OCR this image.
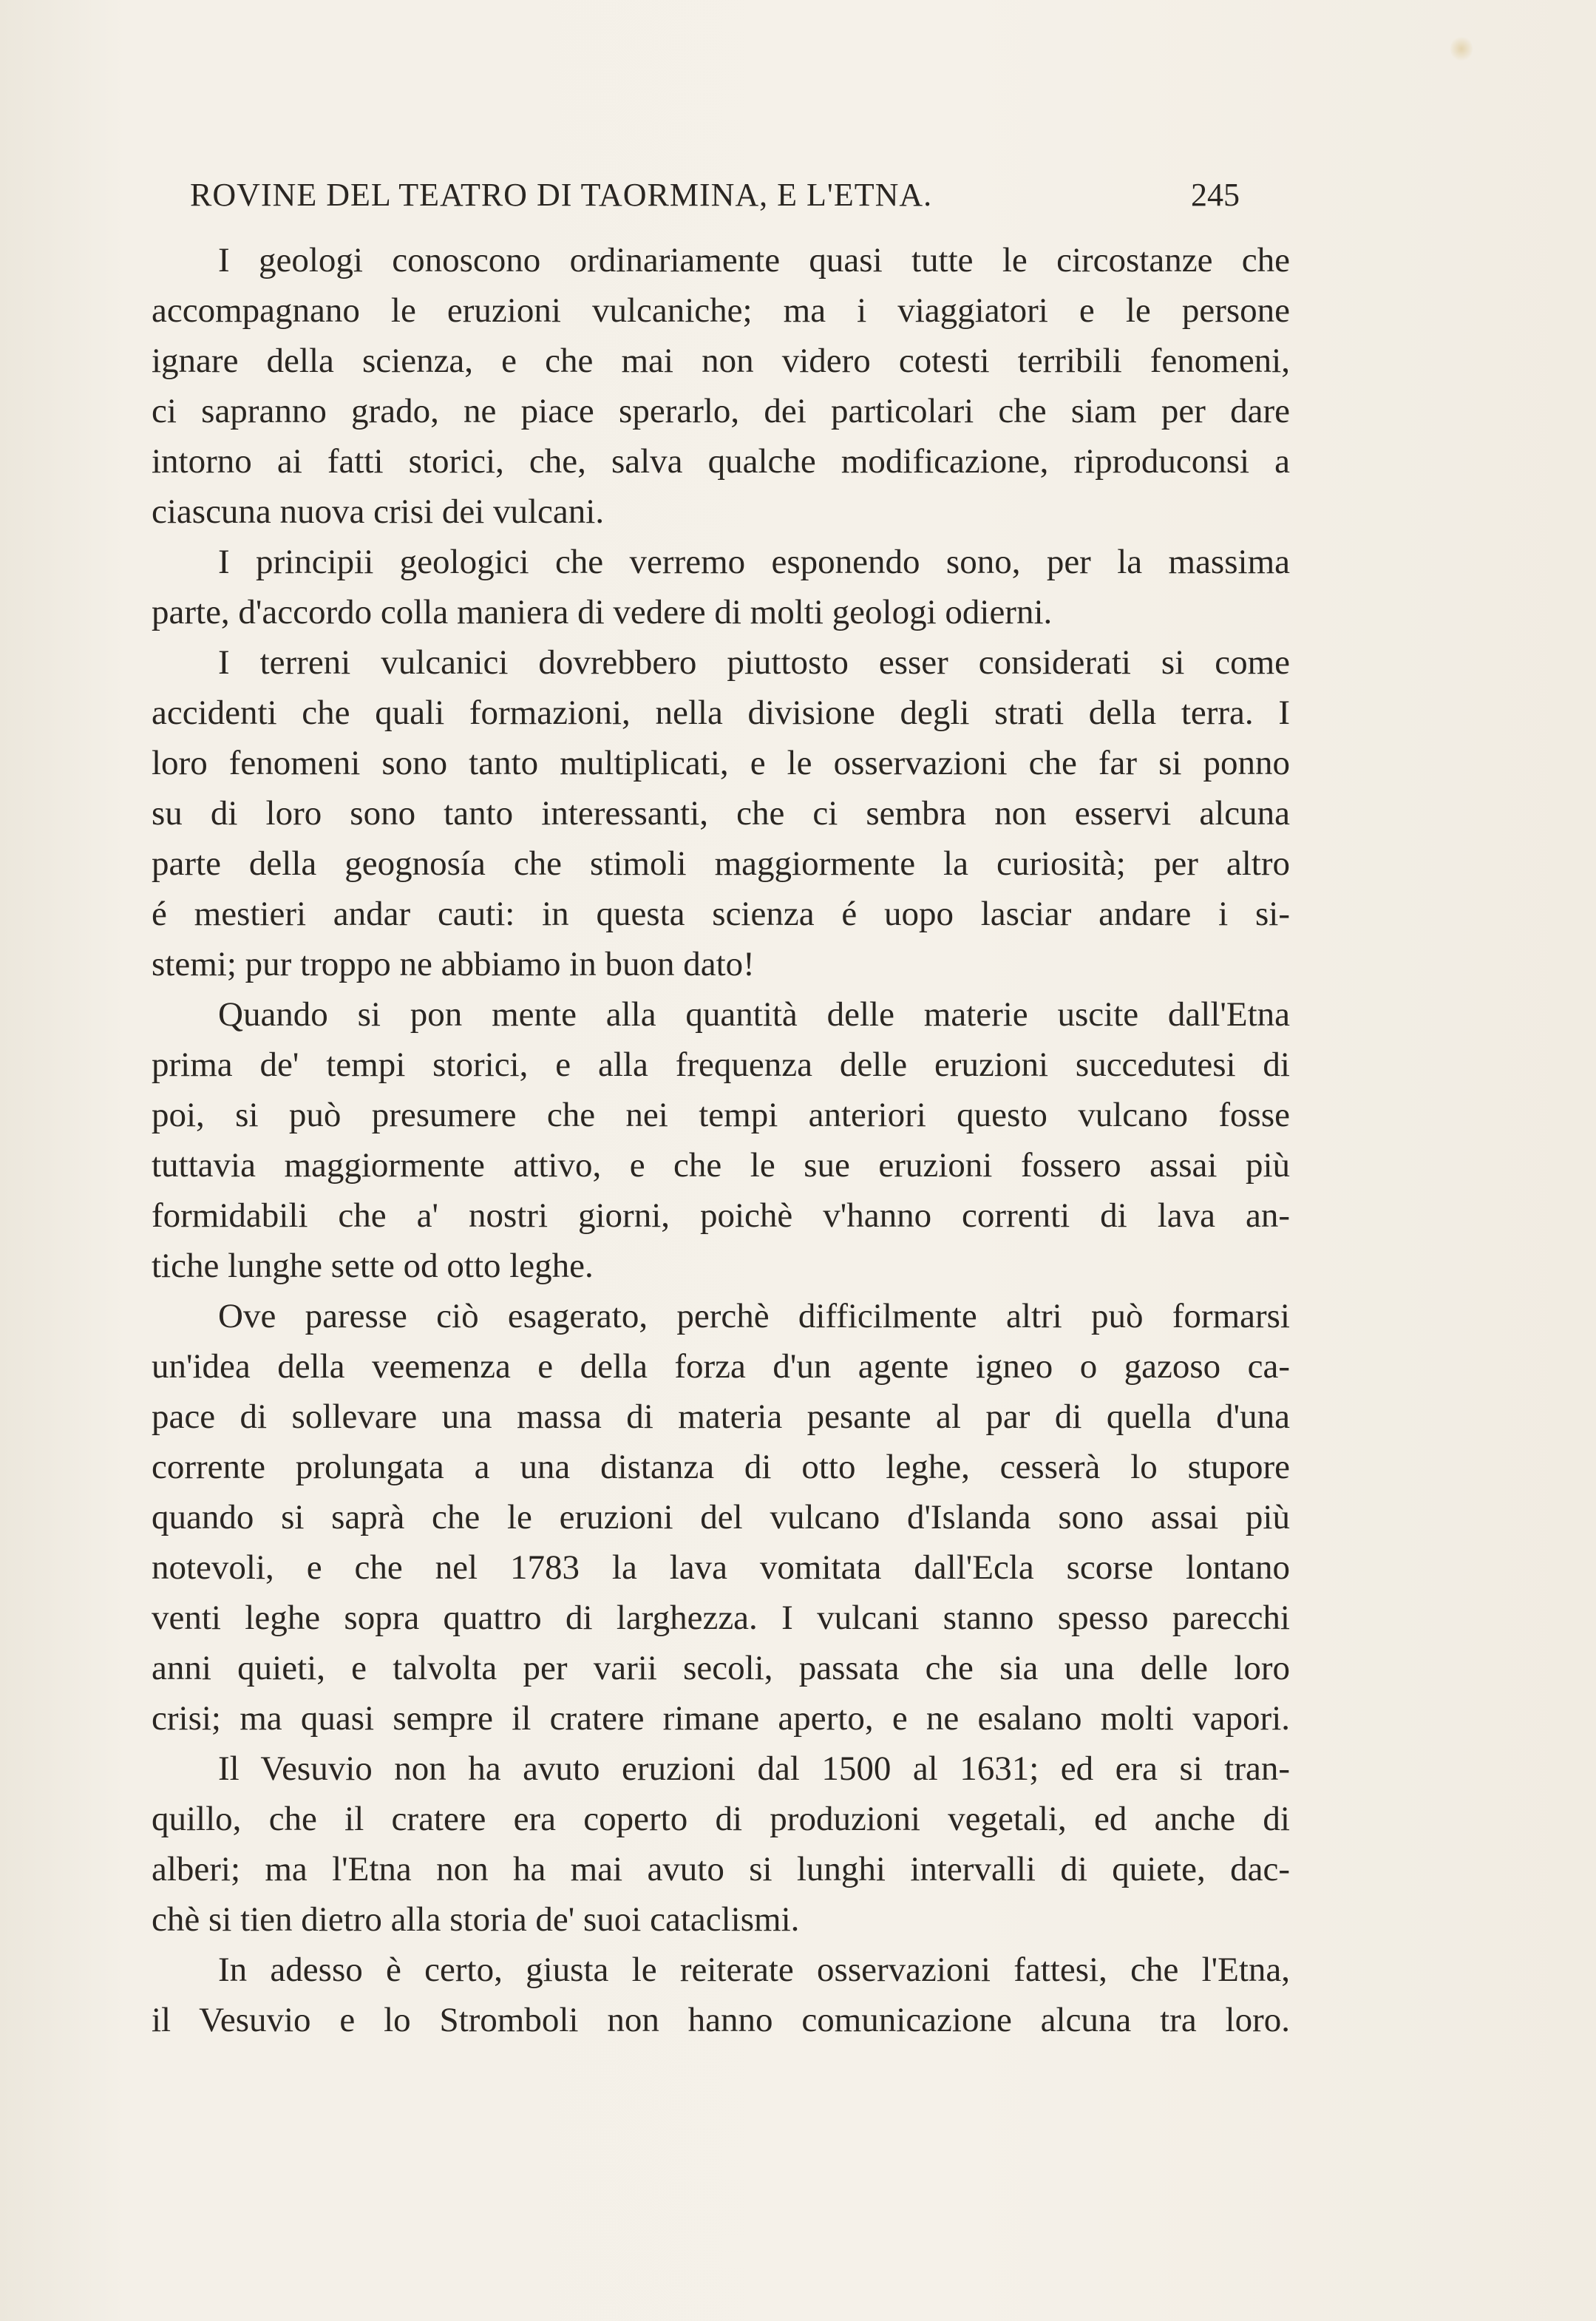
ROVINE DEL TEATRO DI TAORMINA, E L'ETNA.	245
I geologi conoscono ordinariamente quasi tutte le circostanze che
accompagnano le eruzioni vulcaniche; ma i viaggiatori e le persone
ignare della scienza, e che mai non videro cotesti terribili fenomeni,
ci sapranno grado, ne piace sperarlo, dei particolari che siam per dare
intorno ai fatti storici, che, salva qualche modificazione, riproduconsi a
ciascuna nuova crisi dei vulcani.
I principii geologici che verremo esponendo sono, per la massima
parte, d'accordo colla maniera di vedere di molti geologi odierni.
I terreni vulcanici dovrebbero piuttosto esser considerati si come
accidenti che quali formazioni, nella divisione degli strati della terra. I
loro fenomeni sono tanto multiplicati, e le osservazioni che far si ponno
su di loro sono tanto interessanti, che ci sembra non esservi alcuna
parte della geognosía che stimoli maggiormente la curiosità; per altro
é mestieri andar cauti: in questa scienza é uopo lasciar andare i si-
stemi; pur troppo ne abbiamo in buon dato!
Quando si pon mente alla quantità delle materie uscite dall'Etna
prima de' tempi storici, e alla frequenza delle eruzioni succedutesi di
poi, si può presumere che nei tempi anteriori questo vulcano fosse
tuttavia maggiormente attivo, e che le sue eruzioni fossero assai più
formidabili che a' nostri giorni, poichè v'hanno correnti di lava an-
tiche lunghe sette od otto leghe.
Ove paresse ciò esagerato, perchè difficilmente altri può formarsi
un'idea della veemenza e della forza d'un agente igneo o gazoso ca-
pace di sollevare una massa di materia pesante al par di quella d'una
corrente prolungata a una distanza di otto leghe, cesserà lo stupore
quando si saprà che le eruzioni del vulcano d'Islanda sono assai più
notevoli, e che nel 1783 la lava vomitata dall'Ecla scorse lontano
venti leghe sopra quattro di larghezza. I vulcani stanno spesso parecchi
anni quieti, e talvolta per varii secoli, passata che sia una delle loro
crisi; ma quasi sempre il cratere rimane aperto, e ne esalano molti vapori.
Il Vesuvio non ha avuto eruzioni dal 1500 al 1631; ed era si tran-
quillo, che il cratere era coperto di produzioni vegetali, ed anche di
alberi; ma l'Etna non ha mai avuto si lunghi intervalli di quiete, dac-
chè si tien dietro alla storia de' suoi cataclismi.
In adesso è certo, giusta le reiterate osservazioni fattesi, che l'Etna,
il Vesuvio e lo Stromboli non hanno comunicazione alcuna tra loro.
